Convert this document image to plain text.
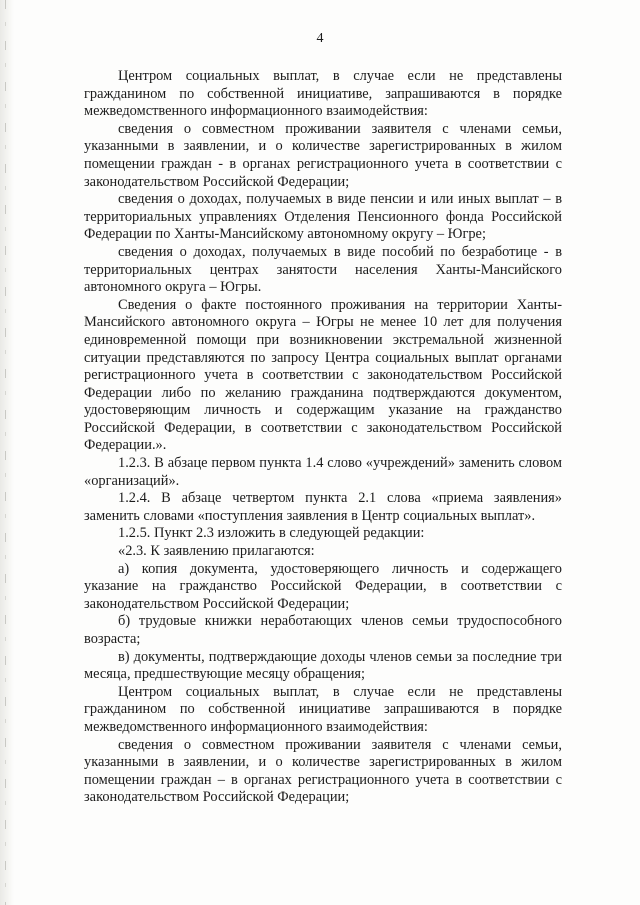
4

Центром социальных выплат, в случае если не представлены гражданином по собственной инициативе, запрашиваются в порядке межведомственного информационного взаимодействия:

сведения о совместном проживании заявителя с членами семьи, указанными в заявлении, и о количестве зарегистрированных в жилом помещении граждан - в органах регистрационного учета в соответствии с законодательством Российской Федерации;

сведения о доходах, получаемых в виде пенсии и или иных выплат – в территориальных управлениях Отделения Пенсионного фонда Российской Федерации по Ханты-Мансийскому автономному округу – Югре;

сведения о доходах, получаемых в виде пособий по безработице - в территориальных центрах занятости населения Ханты-Мансийского автономного округа – Югры.

Сведения о факте постоянного проживания на территории Ханты-Мансийского автономного округа – Югры не менее 10 лет для получения единовременной помощи при возникновении экстремальной жизненной ситуации представляются по запросу Центра социальных выплат органами регистрационного учета в соответствии с законодательством Российской Федерации либо по желанию гражданина подтверждаются документом, удостоверяющим личность и содержащим указание на гражданство Российской Федерации, в соответствии с законодательством Российской Федерации.».

1.2.3. В абзаце первом пункта 1.4 слово «учреждений» заменить словом «организаций».

1.2.4. В абзаце четвертом пункта 2.1 слова «приема заявления» заменить словами «поступления заявления в Центр социальных выплат».

1.2.5. Пункт 2.3 изложить в следующей редакции:

«2.3. К заявлению прилагаются:

а) копия документа, удостоверяющего личность и содержащего указание на гражданство Российской Федерации, в соответствии с законодательством Российской Федерации;

б) трудовые книжки неработающих членов семьи трудоспособного возраста;

в) документы, подтверждающие доходы членов семьи за последние три месяца, предшествующие месяцу обращения;

Центром социальных выплат, в случае если не представлены гражданином по собственной инициативе запрашиваются в порядке межведомственного информационного взаимодействия:

сведения о совместном проживании заявителя с членами семьи, указанными в заявлении, и о количестве зарегистрированных в жилом помещении граждан – в органах регистрационного учета в соответствии с законодательством Российской Федерации;
